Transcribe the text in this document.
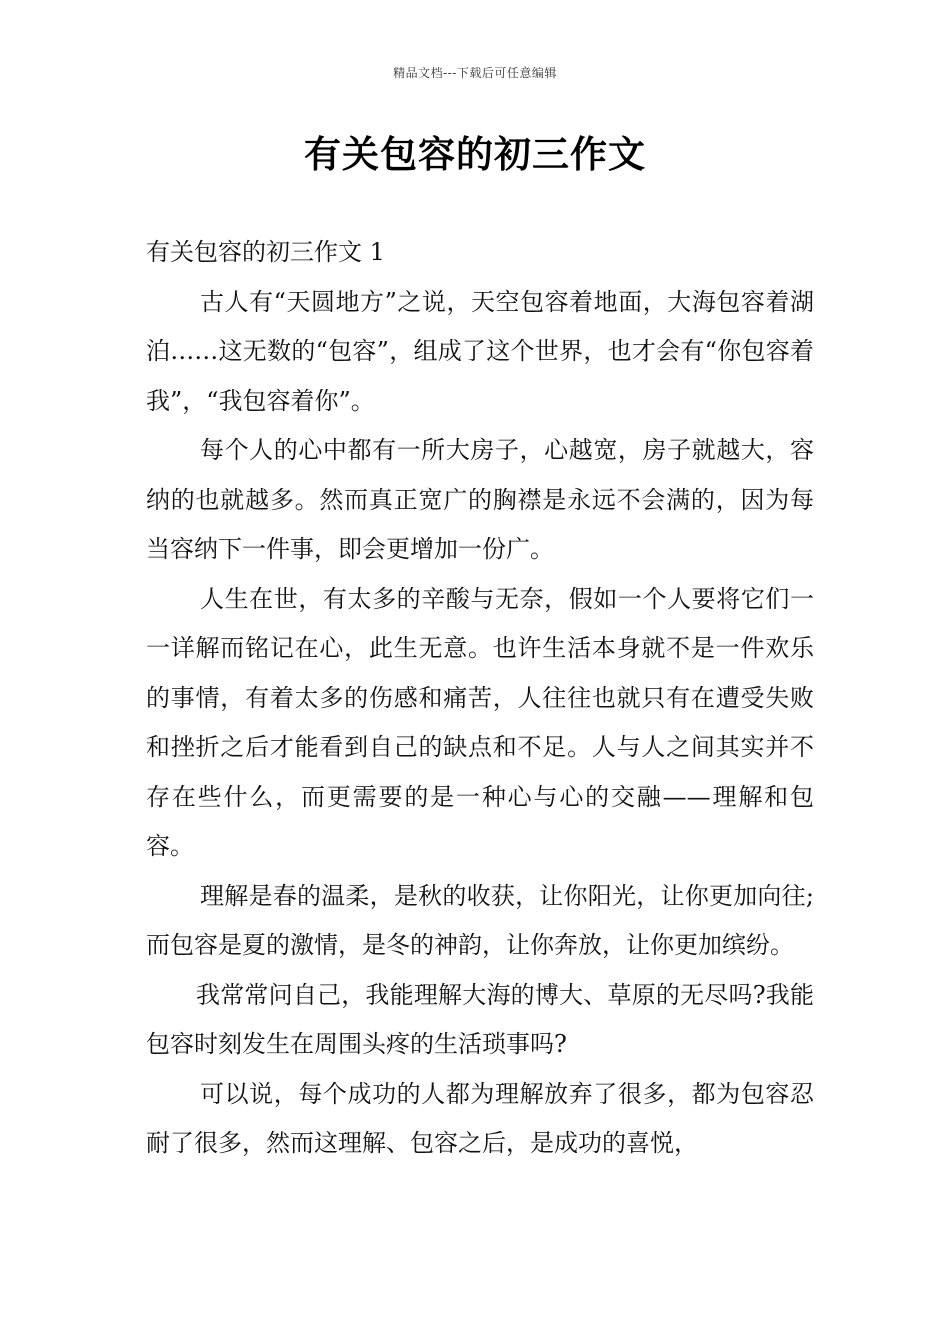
精品文档---下载后可任意编辑
有关包容的初三作文

有关包容的初三作文 1

古人有“天圆地方”之说，天空包容着地面，大海包容着湖泊……这无数的“包容”，组成了这个世界，也才会有“你包容着我”，“我包容着你”。

每个人的心中都有一所大房子，心越宽，房子就越大，容纳的也就越多。然而真正宽广的胸襟是永远不会满的，因为每当容纳下一件事，即会更增加一份广。

人生在世，有太多的辛酸与无奈，假如一个人要将它们一一详解而铭记在心，此生无意。也许生活本身就不是一件欢乐的事情，有着太多的伤感和痛苦，人往往也就只有在遭受失败和挫折之后才能看到自己的缺点和不足。人与人之间其实并不存在些什么，而更需要的是一种心与心的交融——理解和包容。

理解是春的温柔，是秋的收获，让你阳光，让你更加向往;而包容是夏的激情，是冬的神韵，让你奔放，让你更加缤纷。

我常常问自己，我能理解大海的博大、草原的无尽吗?我能包容时刻发生在周围头疼的生活琐事吗?

可以说，每个成功的人都为理解放弃了很多，都为包容忍耐了很多，然而这理解、包容之后，是成功的喜悦，
